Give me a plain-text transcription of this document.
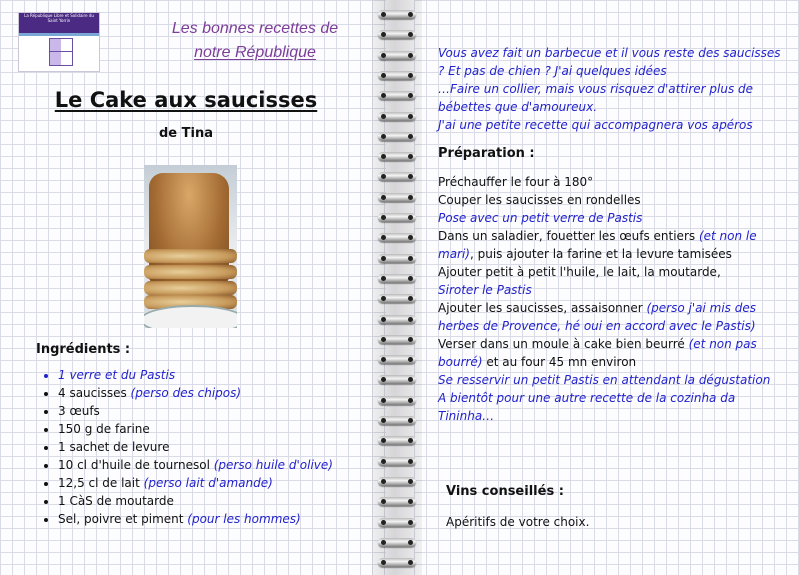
La République Libre et Solidaire du Saint Yorrin	Les bonnes recettes de
notre République
Le Cake aux saucisses
de Tina
Ingrédients :
• 1 verre et du Pastis
• 4 saucisses (perso des chipos)
• 3 œufs
• 150 g de farine
• 1 sachet de levure
• 10 cl d'huile de tournesol (perso huile d'olive)
• 12,5 cl de lait (perso lait d'amande)
• 1 CàS de moutarde
• Sel, poivre et piment (pour les hommes)
Vous avez fait un barbecue et il vous reste des saucisses ? Et pas de chien ? J'ai quelques idées
…Faire un collier, mais vous risquez d'attirer plus de bébettes que d'amoureux.
J'ai une petite recette qui accompagnera vos apéros
Préparation :
Préchauffer le four à 180°
Couper les saucisses en rondelles
Pose avec un petit verre de Pastis
Dans un saladier, fouetter les œufs entiers (et non le mari), puis ajouter la farine et la levure tamisées
Ajouter petit à petit l'huile, le lait, la moutarde,
Siroter le Pastis
Ajouter les saucisses, assaisonner (perso j'ai mis des herbes de Provence, hé oui en accord avec le Pastis)
Verser dans un moule à cake bien beurré (et non pas bourré) et au four 45 mn environ
Se resservir un petit Pastis en attendant la dégustation
A bientôt pour une autre recette de la cozinha da Tininha…
Vins conseillés :
Apéritifs de votre choix.
